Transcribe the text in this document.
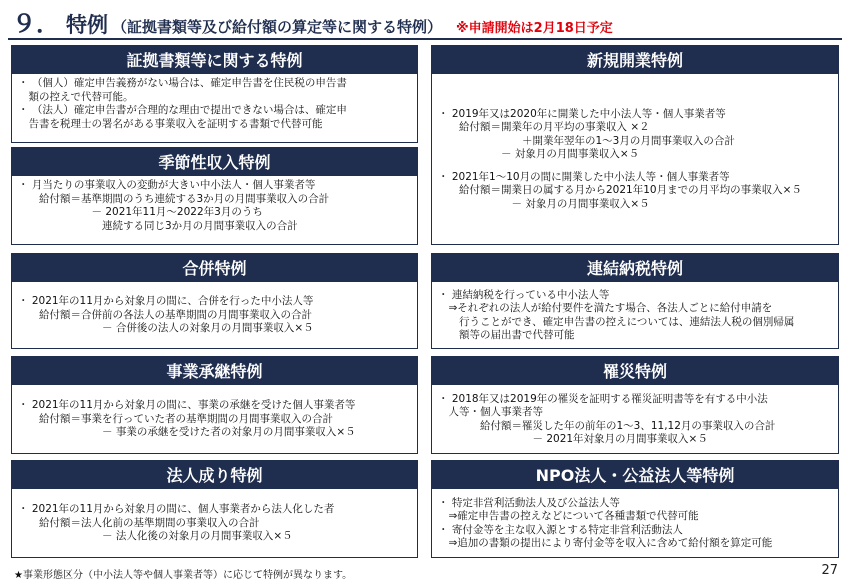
９． 特例 （証拠書類等及び給付額の算定等に関する特例） ※申請開始は2月18日予定
証拠書類等に関する特例
・ （個人）確定申告義務がない場合は、確定申告書を住民税の申告書
　類の控えで代替可能。
・ （法人）確定申告書が合理的な理由で提出できない場合は、確定申
　告書を税理士の署名がある事業収入を証明する書類で代替可能
季節性収入特例
・ 月当たりの事業収入の変動が大きい中小法人・個人事業者等
　　給付額＝基準期間のうち連続する3か月の月間事業収入の合計
　　　　　　　－ 2021年11月～2022年3月のうち
　　　　　　　　連続する同じ3か月の月間事業収入の合計
合併特例
・ 2021年の11月から対象月の間に、合併を行った中小法人等
　　給付額＝合併前の各法人の基準期間の月間事業収入の合計
　　　　　　　　－ 合併後の法人の対象月の月間事業収入×５
事業承継特例
・ 2021年の11月から対象月の間に、事業の承継を受けた個人事業者等
　　給付額＝事業を行っていた者の基準期間の月間事業収入の合計
　　　　　　　　－ 事業の承継を受けた者の対象月の月間事業収入×５
法人成り特例
・ 2021年の11月から対象月の間に、個人事業者から法人化した者
　　給付額＝法人化前の基準期間の事業収入の合計
　　　　　　　　－ 法人化後の対象月の月間事業収入×５
新規開業特例
・ 2019年又は2020年に開業した中小法人等・個人事業者等
　　給付額＝開業年の月平均の事業収入 ×２
　　　　　　　　＋開業年翌年の1～3月の月間事業収入の合計
　　　　　　－ 対象月の月間事業収入×５
・ 2021年1～10月の間に開業した中小法人等・個人事業者等
　　給付額＝開業日の属する月から2021年10月までの月平均の事業収入×５
　　　　　　　－ 対象月の月間事業収入×５
連結納税特例
・ 連結納税を行っている中小法人等
　⇒それぞれの法人が給付要件を満たす場合、各法人ごとに給付申請を
　　行うことができ、確定申告書の控えについては、連結法人税の個別帰属
　　額等の届出書で代替可能
罹災特例
・ 2018年又は2019年の罹災を証明する罹災証明書等を有する中小法
　人等・個人事業者等
　　　　給付額＝罹災した年の前年の1～3、11,12月の事業収入の合計
　　　　　　　　　－ 2021年対象月の月間事業収入×５
NPO法人・公益法人等特例
・ 特定非営利活動法人及び公益法人等
　⇒確定申告書の控えなどについて各種書類で代替可能
・ 寄付金等を主な収入源とする特定非営利活動法人
　⇒追加の書類の提出により寄付金等を収入に含めて給付額を算定可能
★事業形態区分（中小法人等や個人事業者等）に応じて特例が異なります。	27
